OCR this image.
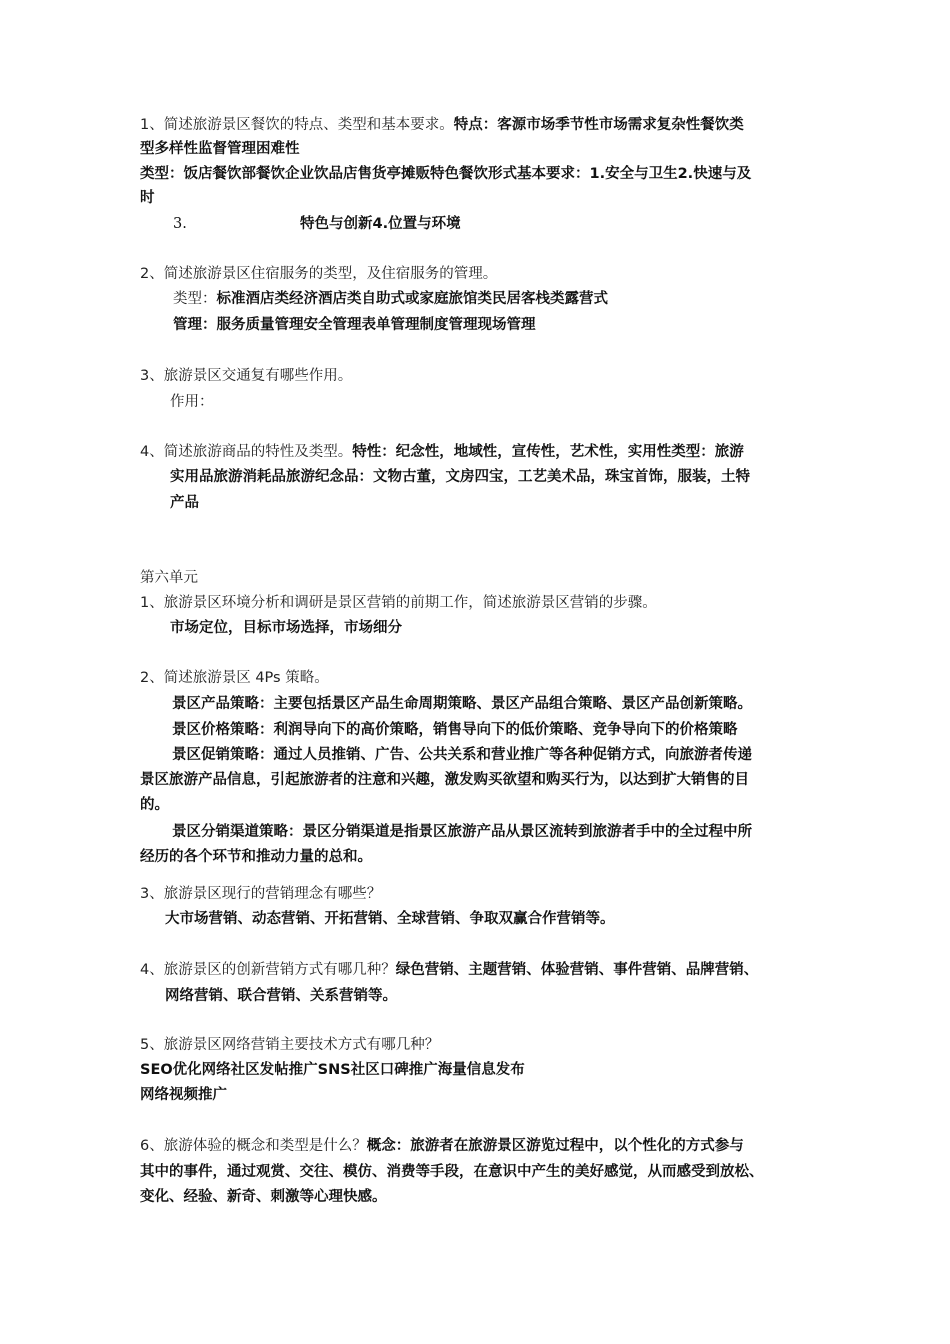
1、简述旅游景区餐饮的特点、类型和基本要求。特点：客源市场季节性市场需求复杂性餐饮类
型多样性监督管理困难性
类型：饭店餐饮部餐饮企业饮品店售货亭摊贩特色餐饮形式基本要求：1.安全与卫生2.快速与及
时
3.	特色与创新4.位置与环境
2、简述旅游景区住宿服务的类型，及住宿服务的管理。
类型：标准酒店类经济酒店类自助式或家庭旅馆类民居客栈类露营式
管理：服务质量管理安全管理表单管理制度管理现场管理
3、旅游景区交通复有哪些作用。
作用：
4、简述旅游商品的特性及类型。特性：纪念性，地域性，宣传性，艺术性，实用性类型：旅游
实用品旅游消耗品旅游纪念品：文物古董，文房四宝，工艺美术品，珠宝首饰，服装，土特
产品
第六单元
1、旅游景区环境分析和调研是景区营销的前期工作，简述旅游景区营销的步骤。
市场定位，目标市场选择，市场细分
2、简述旅游景区 4Ps 策略。
景区产品策略：主要包括景区产品生命周期策略、景区产品组合策略、景区产品创新策略。
景区价格策略：利润导向下的高价策略，销售导向下的低价策略、竞争导向下的价格策略
景区促销策略：通过人员推销、广告、公共关系和营业推广等各种促销方式，向旅游者传递
景区旅游产品信息，引起旅游者的注意和兴趣，激发购买欲望和购买行为，以达到扩大销售的目
的。
景区分销渠道策略：景区分销渠道是指景区旅游产品从景区流转到旅游者手中的全过程中所
经历的各个环节和推动力量的总和。
3、旅游景区现行的营销理念有哪些？
大市场营销、动态营销、开拓营销、全球营销、争取双赢合作营销等。
4、旅游景区的创新营销方式有哪几种？绿色营销、主题营销、体验营销、事件营销、品牌营销、
网络营销、联合营销、关系营销等。
5、旅游景区网络营销主要技术方式有哪几种？
SEO优化网络社区发帖推广SNS社区口碑推广海量信息发布
网络视频推广
6、旅游体验的概念和类型是什么？概念：旅游者在旅游景区游览过程中，以个性化的方式参与
其中的事件，通过观赏、交往、模仿、消费等手段，在意识中产生的美好感觉，从而感受到放松、
变化、经验、新奇、刺激等心理快感。
